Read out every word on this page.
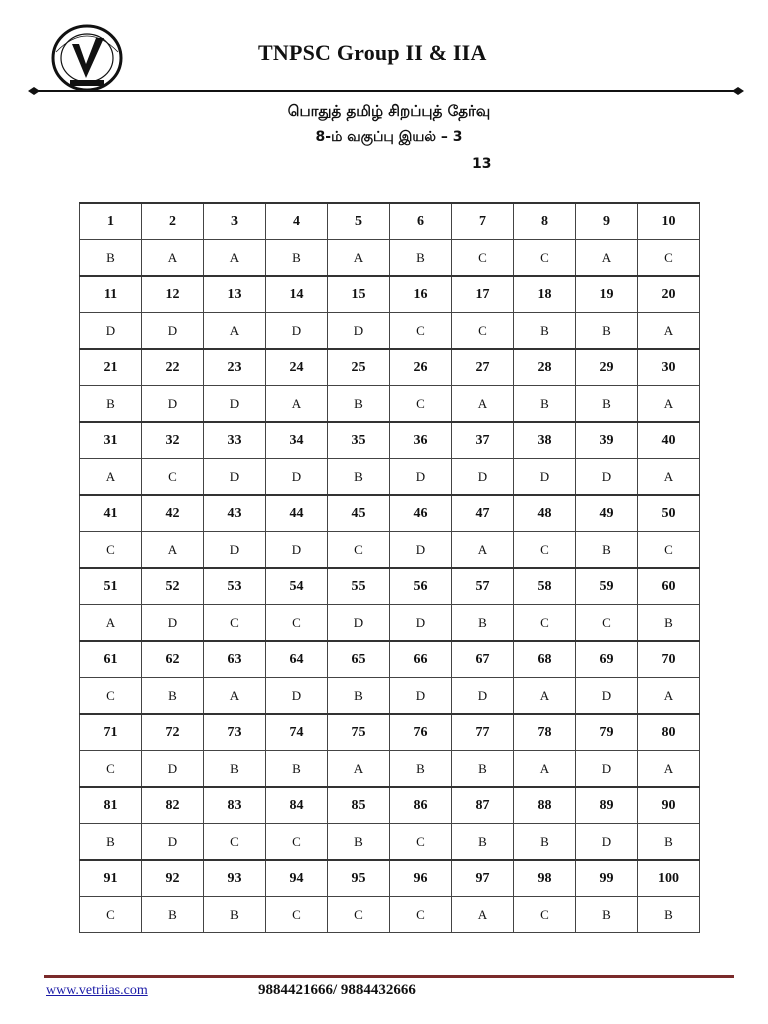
TNPSC Group II & IIA
பொதுத் தமிழ் சிறப்புத் தேர்வு
8-ம் வகுப்பு இயல் – 3
13
1	2	3	4	5	6	7	8	9	10
B	A	A	B	A	B	C	C	A	C
11	12	13	14	15	16	17	18	19	20
D	D	A	D	D	C	C	B	B	A
21	22	23	24	25	26	27	28	29	30
B	D	D	A	B	C	A	B	B	A
31	32	33	34	35	36	37	38	39	40
A	C	D	D	B	D	D	D	D	A
41	42	43	44	45	46	47	48	49	50
C	A	D	D	C	D	A	C	B	C
51	52	53	54	55	56	57	58	59	60
A	D	C	C	D	D	B	C	C	B
61	62	63	64	65	66	67	68	69	70
C	B	A	D	B	D	D	A	D	A
71	72	73	74	75	76	77	78	79	80
C	D	B	B	A	B	B	A	D	A
81	82	83	84	85	86	87	88	89	90
B	D	C	C	B	C	B	B	D	B
91	92	93	94	95	96	97	98	99	100
C	B	B	C	C	C	A	C	B	B
www.vetriias.com	9884421666/ 9884432666
